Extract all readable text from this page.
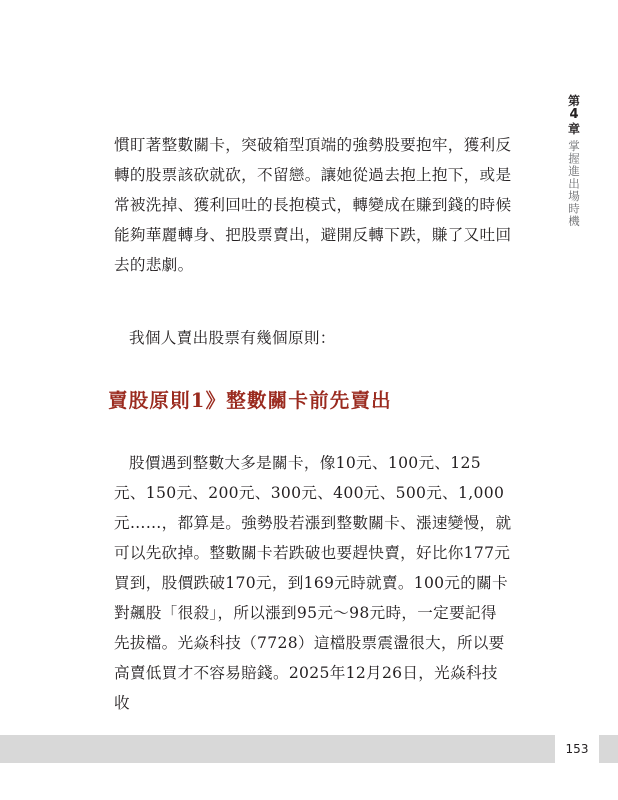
第
4
章
掌握進出場時機

慣盯著整數關卡，突破箱型頂端的強勢股要抱牢，獲利反

轉的股票該砍就砍，不留戀。讓她從過去抱上抱下，或是

常被洗掉、獲利回吐的長抱模式，轉變成在賺到錢的時候

能夠華麗轉身、把股票賣出，避開反轉下跌，賺了又吐回

去的悲劇。

我個人賣出股票有幾個原則：

賣股原則1》整數關卡前先賣出

股價遇到整數大多是關卡，像10元、100元、125

元、150元、200元、300元、400元、500元、1,000

元……，都算是。強勢股若漲到整數關卡、漲速變慢，就

可以先砍掉。整數關卡若跌破也要趕快賣，好比你177元

買到，股價跌破170元，到169元時就賣。100元的關卡

對飆股「很殺」，所以漲到95元～98元時，一定要記得

先拔檔。光焱科技（7728）這檔股票震盪很大，所以要

高賣低買才不容易賠錢。2025年12月26日，光焱科技收

153
